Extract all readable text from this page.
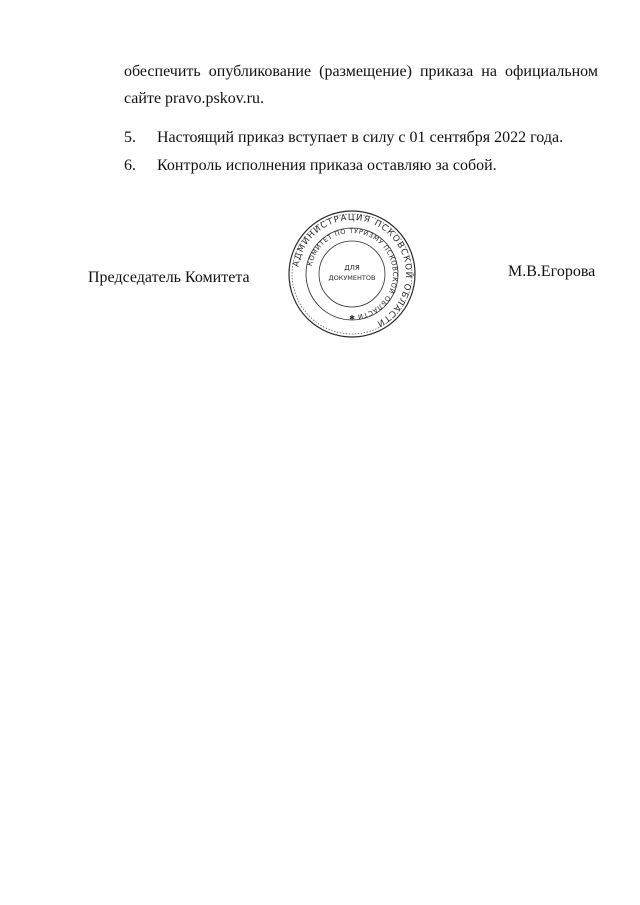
обеспечить опубликование (размещение) приказа на официальном сайте pravo.pskov.ru.
5. Настоящий приказ вступает в силу с 01 сентября 2022 года.
6. Контроль исполнения приказа оставляю за собой.
Председатель Комитета
АДМИНИСТРАЦИЯ ПСКОВСКОЙ ОБЛАСТИ
КОМИТЕТ ПО ТУРИЗМУ ПСКОВСКОЙ ОБЛАСТИ
ДЛЯ
ДОКУМЕНТОВ
✱
М.В.Егорова
